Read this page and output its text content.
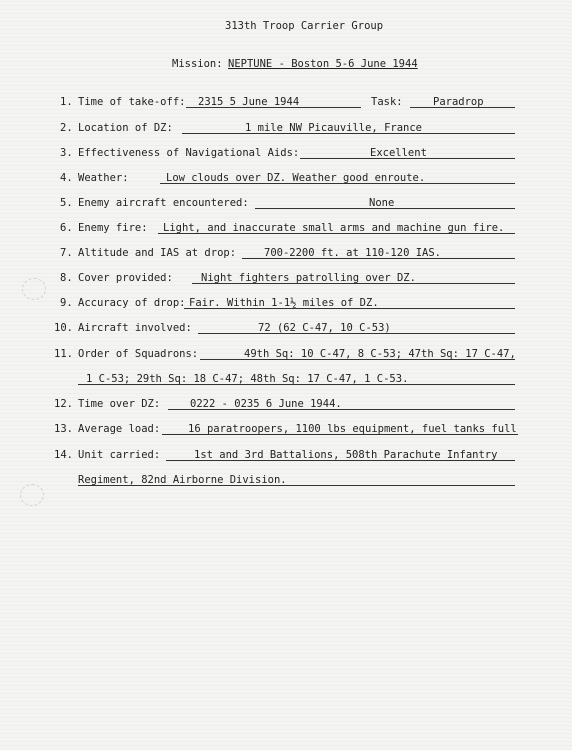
313th Troop Carrier Group
Mission: NEPTUNE - Boston 5-6 June 1944
1. Time of take-off: 2315 5 June 1944	Task:	Paradrop
2. Location of DZ:	1 mile NW Picauville, France
3. Effectiveness of Navigational Aids:	Excellent
4. Weather:	Low clouds over DZ. Weather good enroute.
5. Enemy aircraft encountered:	None
6. Enemy fire: Light, and inaccurate small arms and machine gun fire.
7. Altitude and IAS at drop:	700-2200 ft. at 110-120 IAS.
8. Cover provided:	Night fighters patrolling over DZ.
9. Accuracy of drop: Fair. Within 1-1½ miles of DZ.
10. Aircraft involved:	72 (62 C-47, 10 C-53)
11. Order of Squadrons:	49th Sq: 10 C-47, 8 C-53; 47th Sq: 17 C-47,
1 C-53; 29th Sq: 18 C-47; 48th Sq: 17 C-47, 1 C-53.
12. Time over DZ:	0222 - 0235 6 June 1944.
13. Average load:	16 paratroopers, 1100 lbs equipment, fuel tanks full
14. Unit carried:	1st and 3rd Battalions, 508th Parachute Infantry
Regiment, 82nd Airborne Division.
